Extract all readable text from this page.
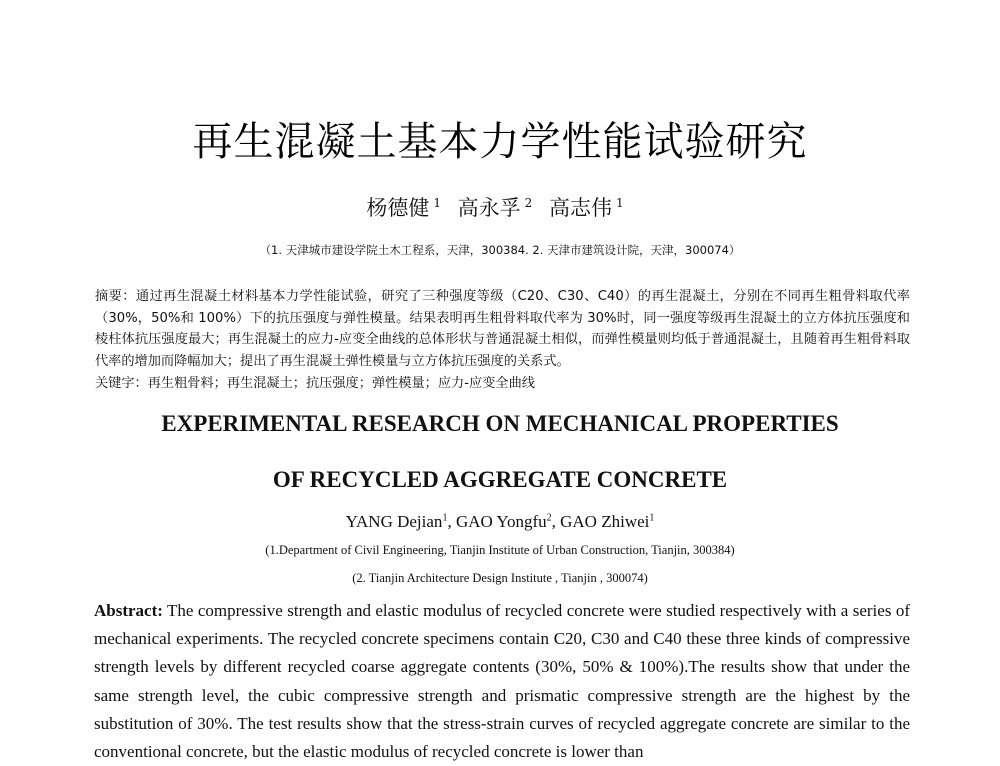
再生混凝土基本力学性能试验研究
杨德健 $^1$ 高永孚 $^2$ 高志伟 $^1$
（1. 天津城市建设学院土木工程系，天津，300384. 2. 天津市建筑设计院，天津，300074）
摘要：通过再生混凝土材料基本力学性能试验，研究了三种强度等级（C20、C30、C40）的再生混凝土，分别在不同再生粗骨料取代率（30%，50%和 100%）下的抗压强度与弹性模量。结果表明再生粗骨料取代率为 30%时，同一强度等级再生混凝土的立方体抗压强度和棱柱体抗压强度最大；再生混凝土的应力-应变全曲线的总体形状与普通混凝土相似，而弹性模量则均低于普通混凝土，且随着再生粗骨料取代率的增加而降幅加大；提出了再生混凝土弹性模量与立方体抗压强度的关系式。
关键字：再生粗骨料；再生混凝土；抗压强度；弹性模量；应力-应变全曲线
EXPERIMENTAL RESEARCH ON MECHANICAL PROPERTIES
OF RECYCLED AGGREGATE CONCRETE
YANG Dejian$^1$, GAO Yongfu$^2$, GAO Zhiwei$^1$
(1.Department of Civil Engineering, Tianjin Institute of Urban Construction, Tianjin, 300384)
(2. Tianjin Architecture Design Institute , Tianjin , 300074)
Abstract: The compressive strength and elastic modulus of recycled concrete were studied respectively with a series of mechanical experiments. The recycled concrete specimens contain C20, C30 and C40 these three kinds of compressive strength levels by different recycled coarse aggregate contents (30%, 50% & 100%).The results show that under the same strength level, the cubic compressive strength and prismatic compressive strength are the highest by the substitution of 30%. The test results show that the stress-strain curves of recycled aggregate concrete are similar to the conventional concrete, but the elastic modulus of recycled concrete is lower than
